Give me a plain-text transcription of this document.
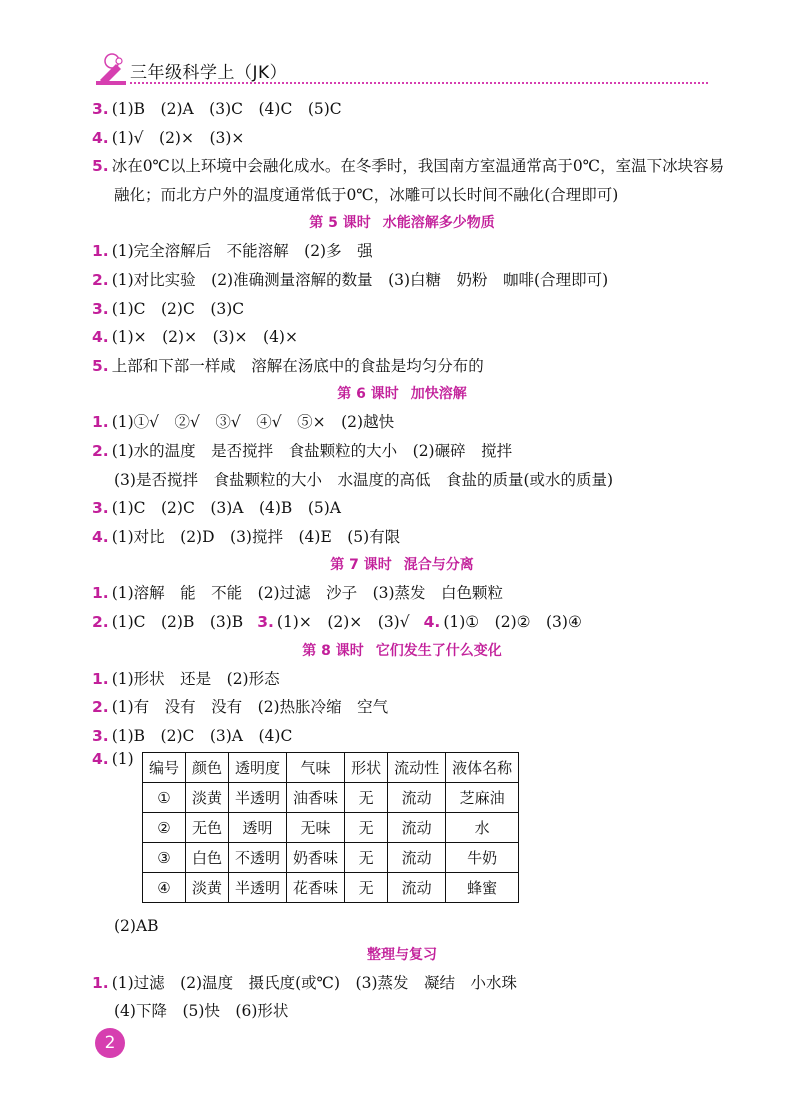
三年级科学上（JK）
3. (1)B　(2)A　(3)C　(4)C　(5)C
4. (1)√　(2)×　(3)×
5. 冰在0℃以上环境中会融化成水。在冬季时，我国南方室温通常高于0℃，室温下冰块容易
融化；而北方户外的温度通常低于0℃，冰雕可以长时间不融化(合理即可)
第 5 课时 水能溶解多少物质
1. (1)完全溶解后　不能溶解　(2)多　强
2. (1)对比实验　(2)准确测量溶解的数量　(3)白糖　奶粉　咖啡(合理即可)
3. (1)C　(2)C　(3)C
4. (1)×　(2)×　(3)×　(4)×
5. 上部和下部一样咸　溶解在汤底中的食盐是均匀分布的
第 6 课时 加快溶解
1. (1)①√　②√　③√　④√　⑤×　(2)越快
2. (1)水的温度　是否搅拌　食盐颗粒的大小　(2)碾碎　搅拌
(3)是否搅拌　食盐颗粒的大小　水温度的高低　食盐的质量(或水的质量)
3. (1)C　(2)C　(3)A　(4)B　(5)A
4. (1)对比　(2)D　(3)搅拌　(4)E　(5)有限
第 7 课时 混合与分离
1. (1)溶解　能　不能　(2)过滤　沙子　(3)蒸发　白色颗粒
2. (1)C　(2)B　(3)B 3. (1)×　(2)×　(3)√ 4. (1)①　(2)②　(3)④
第 8 课时 它们发生了什么变化
1. (1)形状　还是　(2)形态
2. (1)有　没有　没有　(2)热胀冷缩　空气
3. (1)B　(2)C　(3)A　(4)C
4. (1) 编号	颜色	透明度	气味	形状	流动性	液体名称
①	淡黄	半透明	油香味	无	流动	芝麻油
②	无色	透明	无味	无	流动	水
③	白色	不透明	奶香味	无	流动	牛奶
④	淡黄	半透明	花香味	无	流动	蜂蜜
(2)AB
整理与复习
1. (1)过滤　(2)温度　摄氏度(或℃)　(3)蒸发　凝结　小水珠
(4)下降　(5)快　(6)形状
2
